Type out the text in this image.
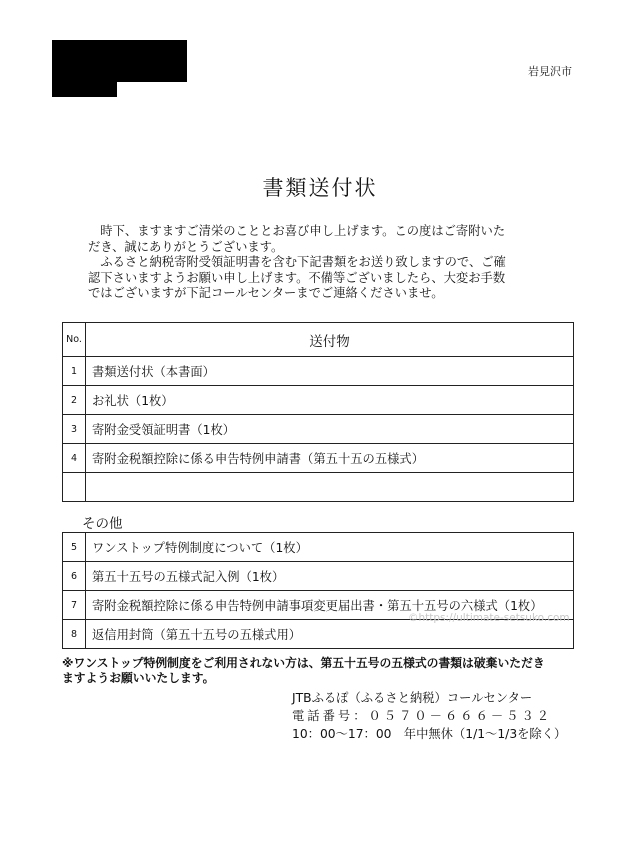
岩見沢市
書類送付状
　時下、ますますご清栄のこととお喜び申し上げます。この度はご寄附いた
だき、誠にありがとうございます。
　ふるさと納税寄附受領証明書を含む下記書類をお送り致しますので、ご確
認下さいますようお願い申し上げます。不備等ございましたら、大変お手数
ではございますが下記コールセンターまでご連絡くださいませ。
No.	送付物
1	書類送付状（本書面）
2	お礼状（1枚）
3	寄附金受領証明書（1枚）
4	寄附金税額控除に係る申告特例申請書（第五十五の五様式）

その他
5	ワンストップ特例制度について（1枚）
6	第五十五号の五様式記入例（1枚）
7	寄附金税額控除に係る申告特例申請事項変更届出書・第五十五号の六様式（1枚）
8	返信用封筒（第五十五号の五様式用）
©https://ultimate-setsuko.com
※ワンストップ特例制度をご利用されない方は、第五十五号の五様式の書類は破棄いただき
ますようお願いいたします。
JTBふるぽ（ふるさと納税）コールセンター
電話番号：０５７０－６６６－５３２
10：00～17：00　年中無休（1/1～1/3を除く）
